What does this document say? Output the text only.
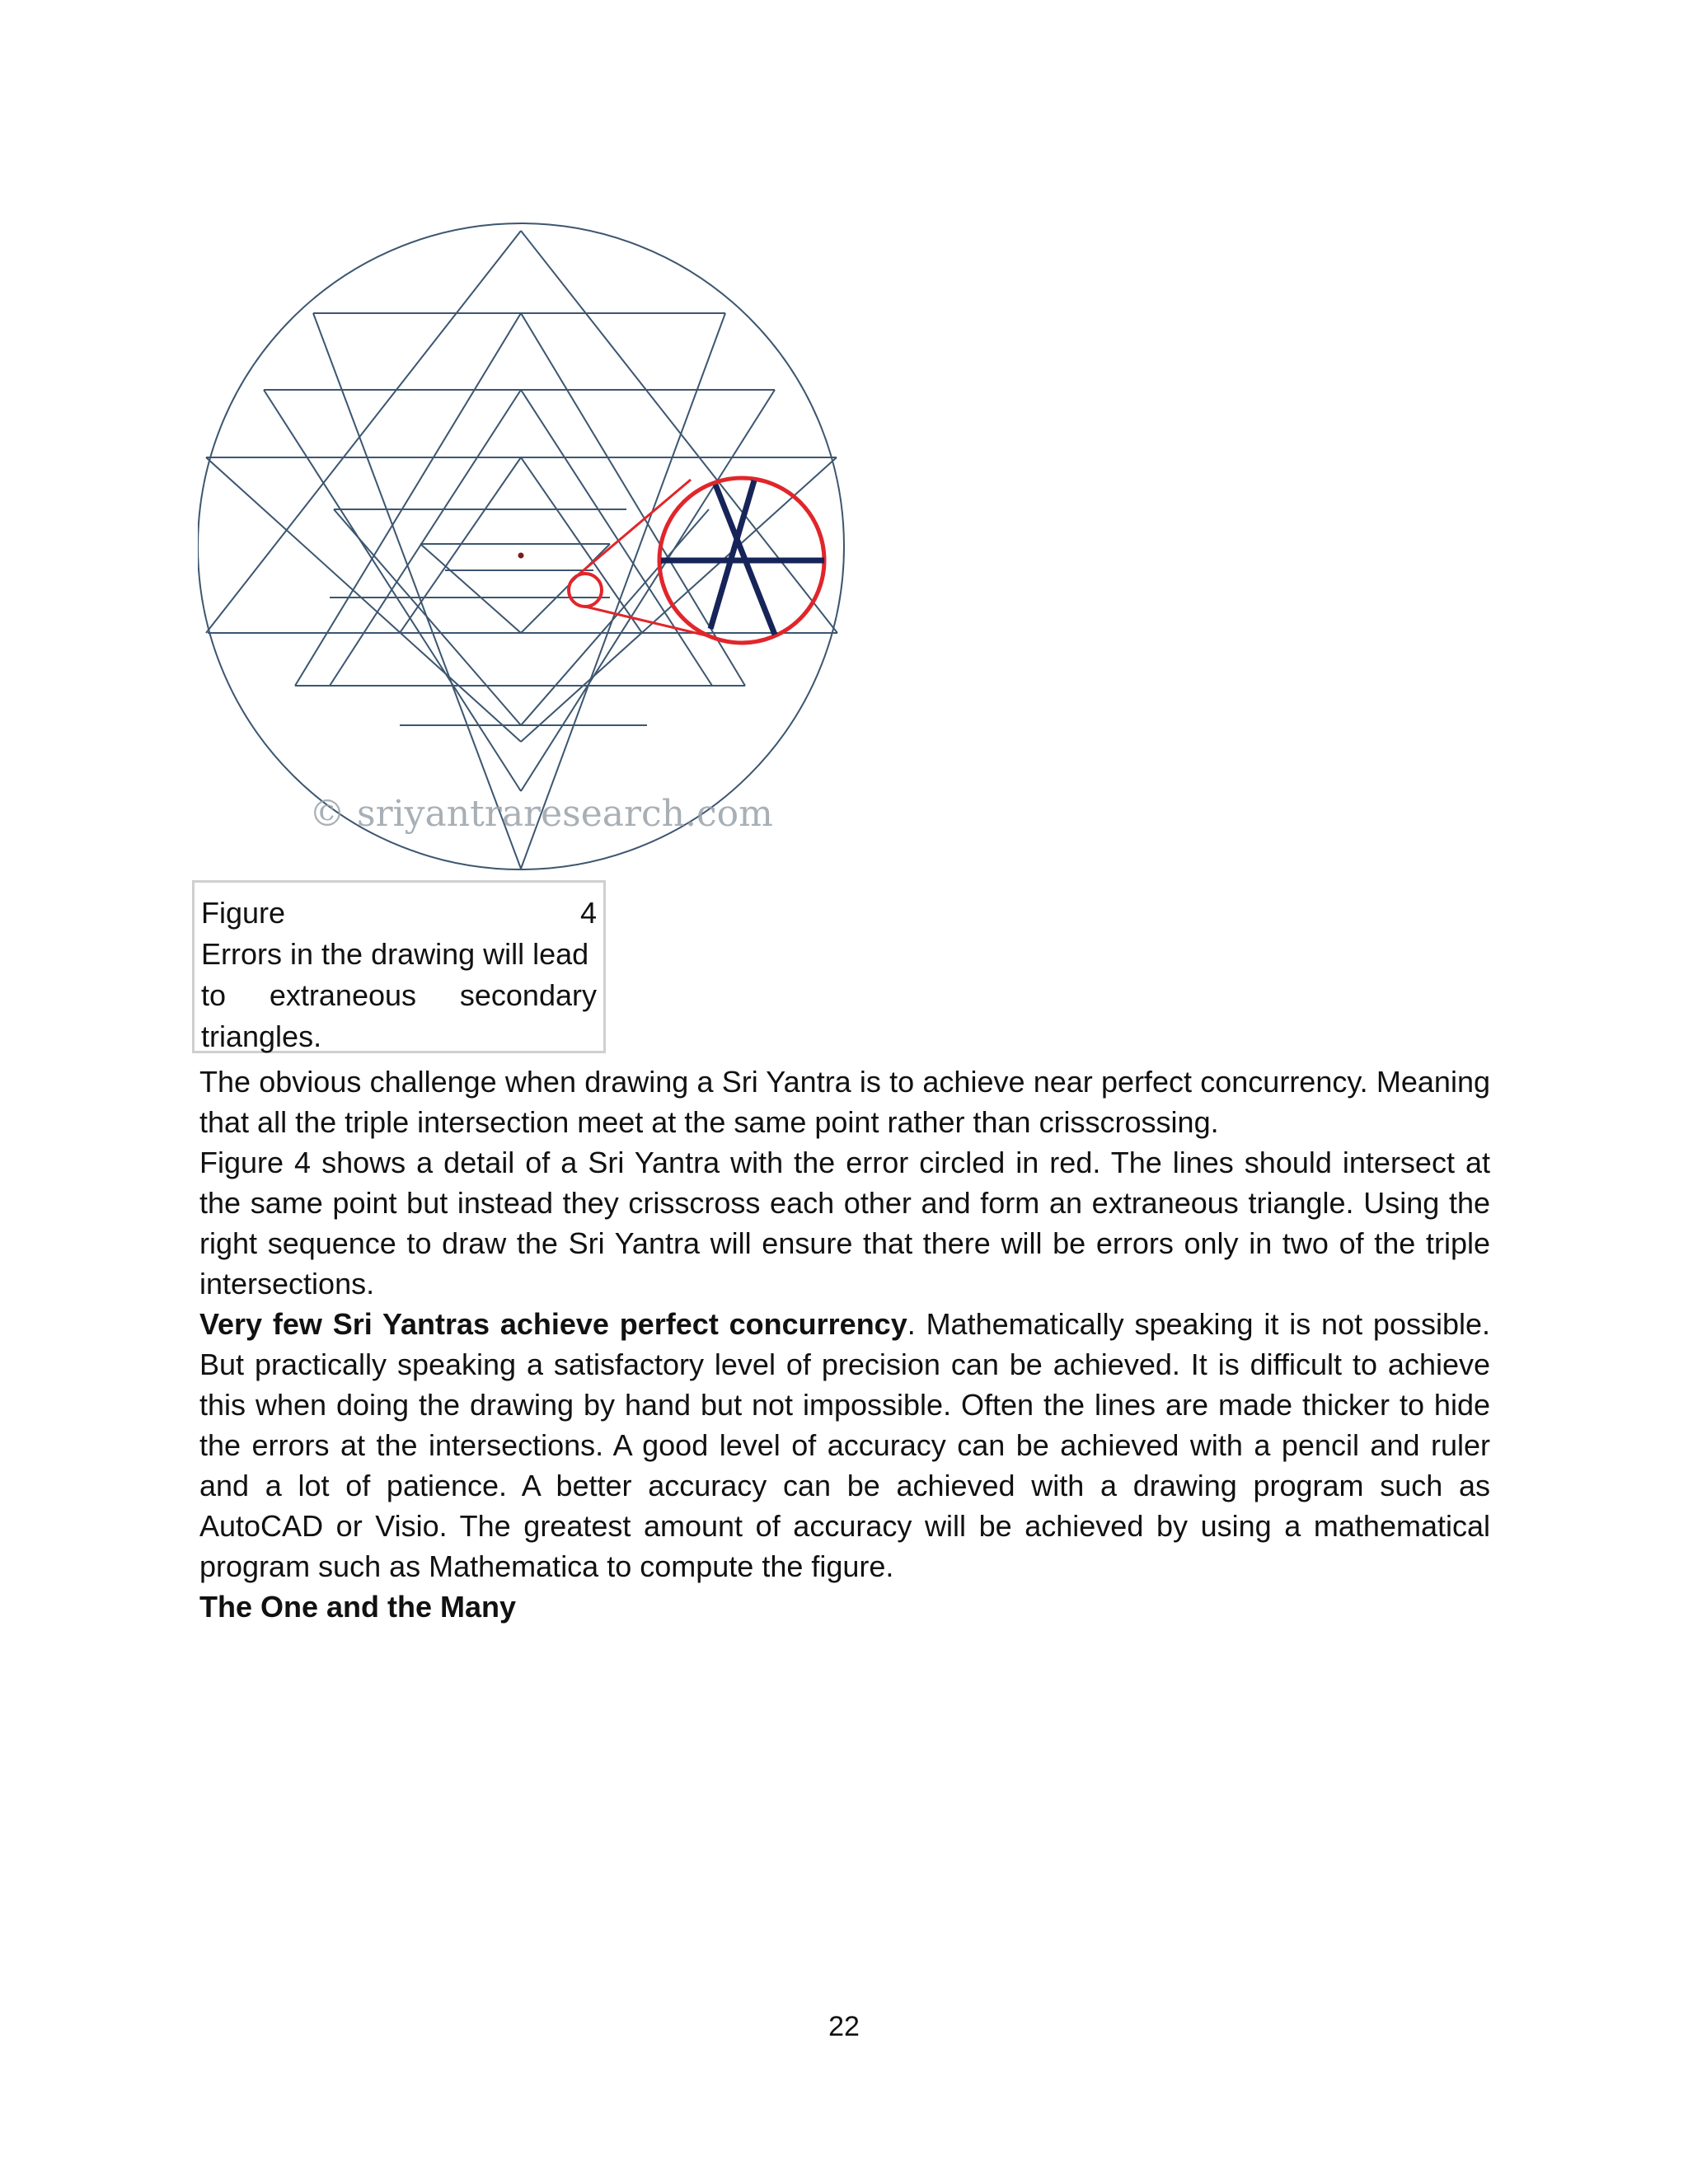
© sriyantraresearch.com
Figure	4
Errors in the drawing will lead
to extraneous secondary
triangles.

The obvious challenge when drawing a Sri Yantra is to achieve near perfect concurrency. Meaning that all the triple intersection meet at the same point rather than crisscrossing.

Figure 4 shows a detail of a Sri Yantra with the error circled in red. The lines should intersect at the same point but instead they crisscross each other and form an extraneous triangle. Using the right sequence to draw the Sri Yantra will ensure that there will be errors only in two of the triple intersections.

Very few Sri Yantras achieve perfect concurrency. Mathematically speaking it is not possible. But practically speaking a satisfactory level of precision can be achieved. It is difficult to achieve this when doing the drawing by hand but not impossible. Often the lines are made thicker to hide the errors at the intersections. A good level of accuracy can be achieved with a pencil and ruler and a lot of patience. A better accuracy can be achieved with a drawing program such as AutoCAD or Visio. The greatest amount of accuracy will be achieved by using a mathematical program such as Mathematica to compute the figure.

The One and the Many

22
